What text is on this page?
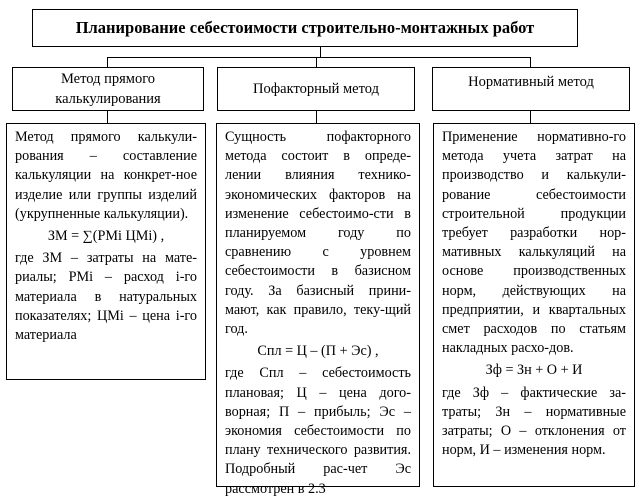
Планирование себестоимости строительно-монтажных работ
Метод прямого калькулирования
Пофакторный метод	Нормативный метод

Метод прямого калькули-рования – составление калькуляции на конкрет-ное изделие или группы изделий (укрупненные калькуляции).

ЗМ = ∑(РМi ЦМi) ,

где ЗМ – затраты на мате-риалы; РМi – расход i-го материала в натуральных показателях; ЦМi – цена i-го материала

Сущность пофакторного метода состоит в опреде-лении влияния технико-экономических факторов на изменение себестоимо-сти в планируемом году по сравнению с уровнем себестоимости в базисном году. За базисный прини-мают, как правило, теку-щий год.

Cпл = Ц – (П + Эс) ,

где Спл – себестоимость плановая; Ц – цена дого-ворная; П – прибыль; Эс – экономия себестоимости по плану технического развития. Подробный рас-чет Эс рассмотрен в 2.3

Применение нормативно-го метода учета затрат на производство и калькули-рование себестоимости строительной продукции требует разработки нор-мативных калькуляций на основе производственных норм, действующих на предприятии, и квартальных смет расходов по статьям накладных расхо-дов.

Зф = Зн + О + И

где Зф – фактические за-траты; Зн – нормативные затраты; О – отклонения от норм, И – изменения норм.
